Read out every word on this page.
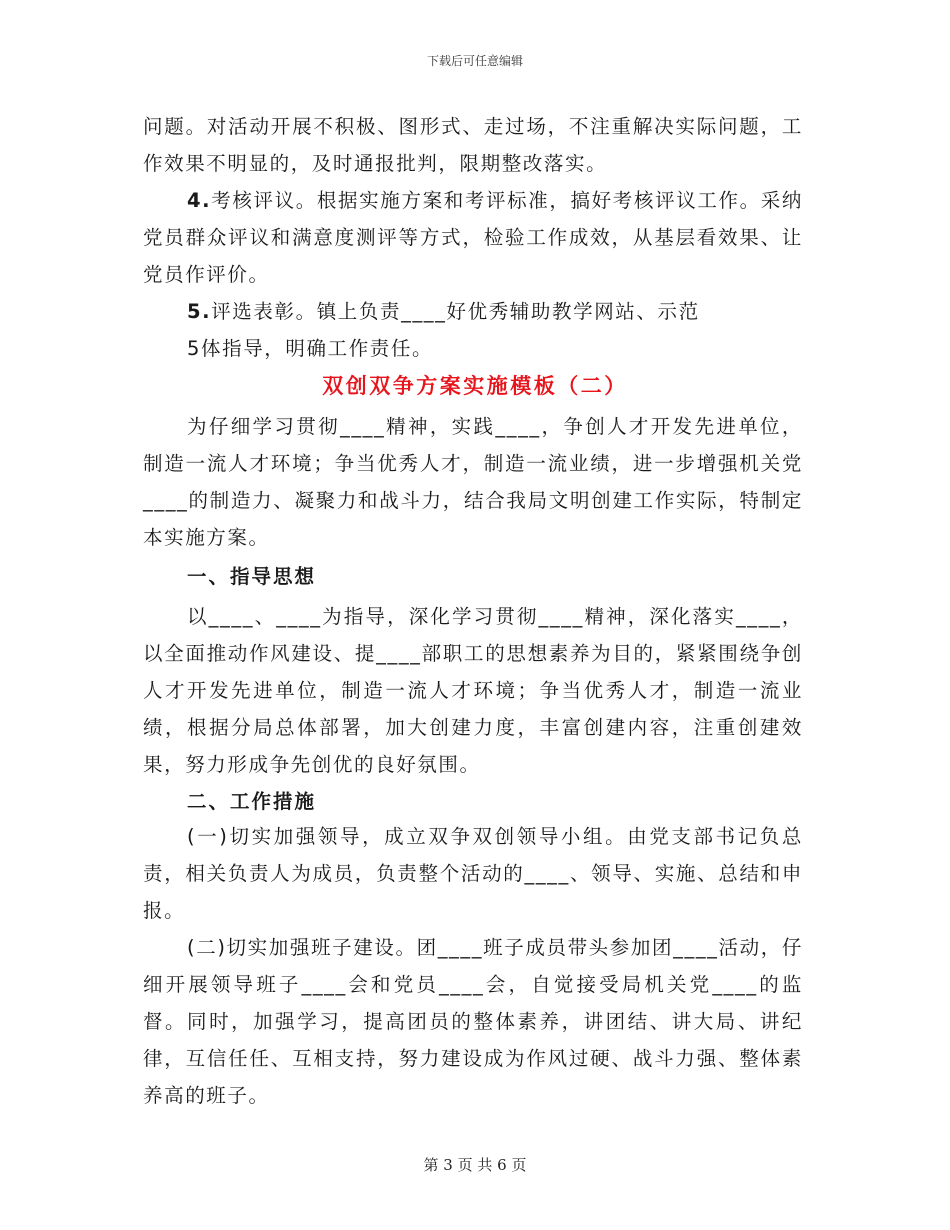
下载后可任意编辑

问题。对活动开展不积极、图形式、走过场，不注重解决实际问题，工作效果不明显的，及时通报批判，限期整改落实。

4.考核评议。根据实施方案和考评标准，搞好考核评议工作。采纳党员群众评议和满意度测评等方式，检验工作成效，从基层看效果、让党员作评价。

5.评选表彰。镇上负责____好优秀辅助教学网站、示范

5体指导，明确工作责任。

双创双争方案实施模板（二）

为仔细学习贯彻____精神，实践____，争创人才开发先进单位，制造一流人才环境；争当优秀人才，制造一流业绩，进一步增强机关党____的制造力、凝聚力和战斗力，结合我局文明创建工作实际，特制定本实施方案。

一、指导思想

以____、____为指导，深化学习贯彻____精神，深化落实____，以全面推动作风建设、提____部职工的思想素养为目的，紧紧围绕争创人才开发先进单位，制造一流人才环境；争当优秀人才，制造一流业绩，根据分局总体部署，加大创建力度，丰富创建内容，注重创建效果，努力形成争先创优的良好氛围。

二、工作措施

(一)切实加强领导，成立双争双创领导小组。由党支部书记负总责，相关负责人为成员，负责整个活动的____、领导、实施、总结和申报。

(二)切实加强班子建设。团____班子成员带头参加团____活动，仔细开展领导班子____会和党员____会，自觉接受局机关党____的监督。同时，加强学习，提高团员的整体素养，讲团结、讲大局、讲纪律，互信任任、互相支持，努力建设成为作风过硬、战斗力强、整体素养高的班子。

第 3 页 共 6 页
